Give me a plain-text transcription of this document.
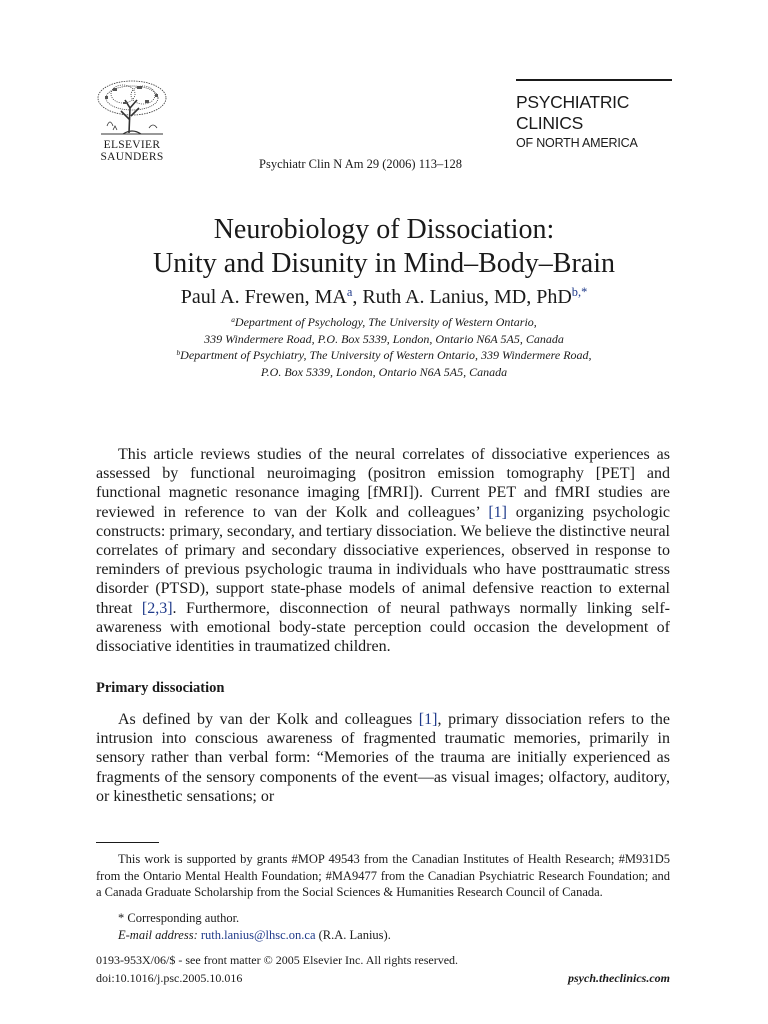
ELSEVIER
SAUNDERS	Psychiatr Clin N Am 29 (2006) 113–128
PSYCHIATRIC
CLINICS
OF NORTH AMERICA
Neurobiology of Dissociation:
Unity and Disunity in Mind–Body–Brain
Paul A. Frewen, $MA^a$, Ruth A. Lanius, MD, PhD$^{b,*}$
$^a$Department of Psychology, The University of Western Ontario,
339 Windermere Road, P.O. Box 5339, London, Ontario N6A 5A5, Canada
$^b$Department of Psychiatry, The University of Western Ontario, 339 Windermere Road,
P.O. Box 5339, London, Ontario N6A 5A5, Canada

This article reviews studies of the neural correlates of dissociative experiences as assessed by functional neuroimaging (positron emission tomography [PET] and functional magnetic resonance imaging [fMRI]). Current PET and fMRI studies are reviewed in reference to van der Kolk and colleagues’ [1] organizing psychologic constructs: primary, secondary, and tertiary dissociation. We believe the distinctive neural correlates of primary and secondary dissociative experiences, observed in response to reminders of previous psychologic trauma in individuals who have posttraumatic stress disorder (PTSD), support state-phase models of animal defensive reaction to external threat [2,3]. Furthermore, disconnection of neural pathways normally linking self-awareness with emotional body-state perception could occasion the development of dissociative identities in traumatized children.

Primary dissociation

As defined by van der Kolk and colleagues [1], primary dissociation refers to the intrusion into conscious awareness of fragmented traumatic memories, primarily in sensory rather than verbal form: “Memories of the trauma are initially experienced as fragments of the sensory components of the event—as visual images; olfactory, auditory, or kinesthetic sensations; or

This work is supported by grants #MOP 49543 from the Canadian Institutes of Health Research; #M931D5 from the Ontario Mental Health Foundation; #MA9477 from the Canadian Psychiatric Research Foundation; and a Canada Graduate Scholarship from the Social Sciences & Humanities Research Council of Canada.

* Corresponding author.
E-mail address: ruth.lanius@lhsc.on.ca (R.A. Lanius).
0193-953X/06/$ - see front matter © 2005 Elsevier Inc. All rights reserved.
doi:10.1016/j.psc.2005.10.016	psych.theclinics.com
